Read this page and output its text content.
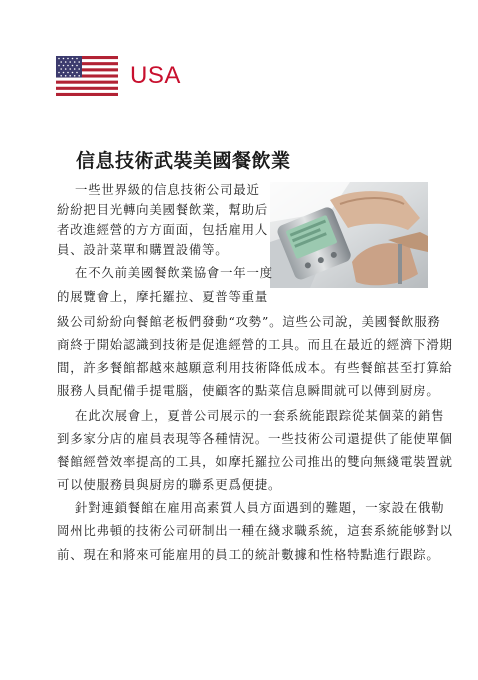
USA
信息技術武裝美國餐飲業
一些世界級的信息技術公司最近
紛紛把目光轉向美國餐飲業，幫助后
者改進經營的方方面面，包括雇用人
員、設計菜單和購置設備等。
在不久前美國餐飲業協會一年一度
的展覽會上，摩托羅拉、夏普等重量
級公司紛紛向餐館老板們發動“攻勢”。這些公司說，美國餐飲服務
商終于開始認識到技術是促進經營的工具。而且在最近的經濟下滑期
間，許多餐館都越來越願意利用技術降低成本。有些餐館甚至打算給
服務人員配備手提電腦，使顧客的點菜信息瞬間就可以傳到厨房。
在此次展會上，夏普公司展示的一套系統能跟踪從某個菜的銷售
到多家分店的雇員表現等各種情況。一些技術公司還提供了能使單個
餐館經營效率提高的工具，如摩托羅拉公司推出的雙向無綫電裝置就
可以使服務員與厨房的聯系更爲便捷。
針對連鎖餐館在雇用高素質人員方面遇到的難題，一家設在俄勒
岡州比弗頓的技術公司研制出一種在綫求職系統，這套系統能够對以
前、現在和將來可能雇用的員工的統計數據和性格特點進行跟踪。
